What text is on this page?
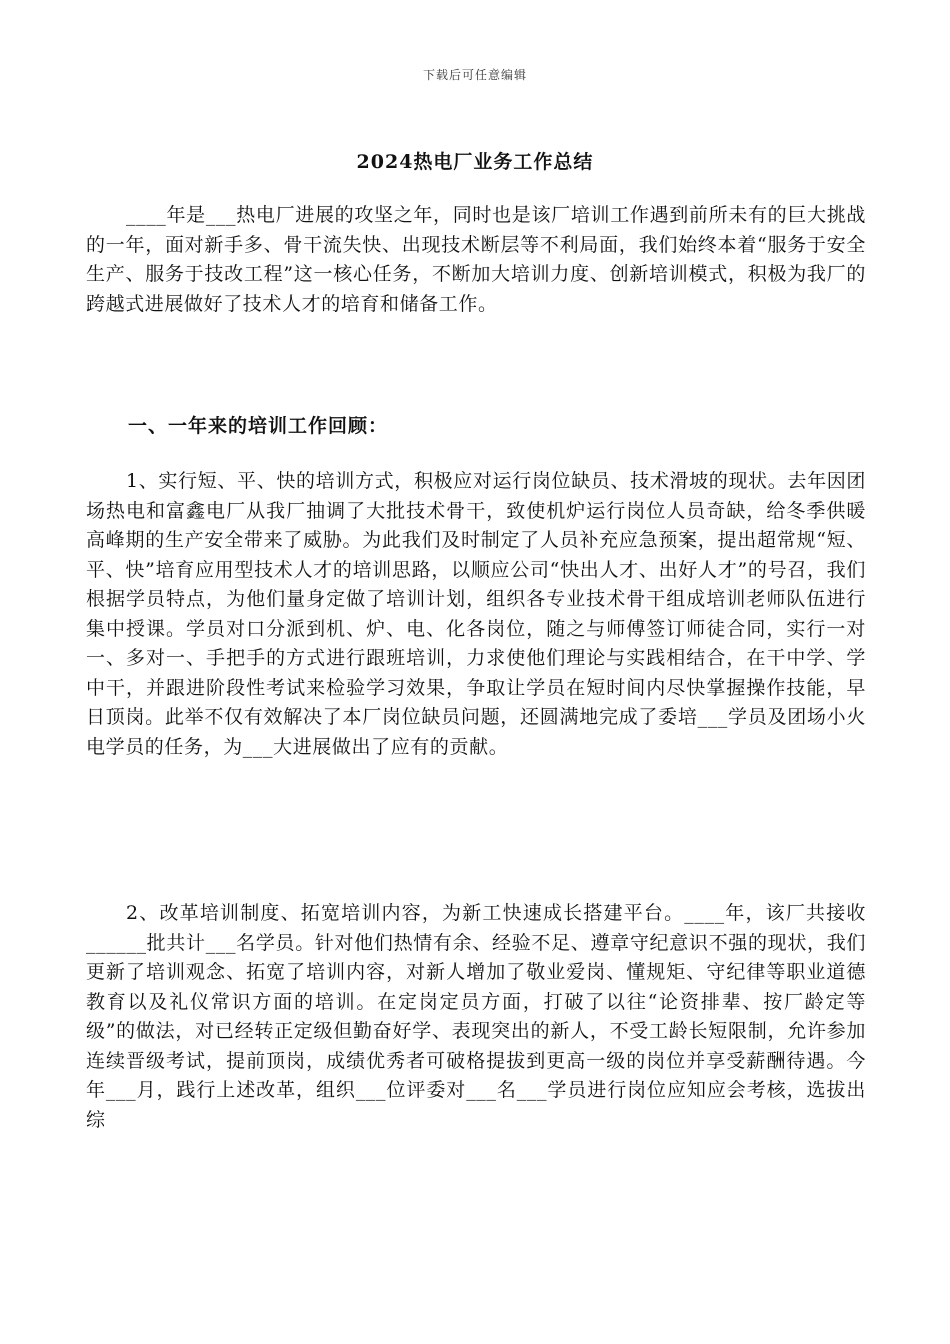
下载后可任意编辑
2024热电厂业务工作总结

____年是___热电厂进展的攻坚之年，同时也是该厂培训工作遇到前所未有的巨大挑战的一年，面对新手多、骨干流失快、出现技术断层等不利局面，我们始终本着“服务于安全生产、服务于技改工程”这一核心任务，不断加大培训力度、创新培训模式，积极为我厂的跨越式进展做好了技术人才的培育和储备工作。

一、一年来的培训工作回顾：

1、实行短、平、快的培训方式，积极应对运行岗位缺员、技术滑坡的现状。去年因团场热电和富鑫电厂从我厂抽调了大批技术骨干，致使机炉运行岗位人员奇缺，给冬季供暖高峰期的生产安全带来了威胁。为此我们及时制定了人员补充应急预案，提出超常规“短、平、快”培育应用型技术人才的培训思路，以顺应公司“快出人才、出好人才”的号召，我们根据学员特点，为他们量身定做了培训计划，组织各专业技术骨干组成培训老师队伍进行集中授课。学员对口分派到机、炉、电、化各岗位，随之与师傅签订师徒合同，实行一对一、多对一、手把手的方式进行跟班培训，力求使他们理论与实践相结合，在干中学、学中干，并跟进阶段性考试来检验学习效果，争取让学员在短时间内尽快掌握操作技能，早日顶岗。此举不仅有效解决了本厂岗位缺员问题，还圆满地完成了委培___学员及团场小火电学员的任务，为___大进展做出了应有的贡献。

2、改革培训制度、拓宽培训内容，为新工快速成长搭建平台。____年，该厂共接收______批共计___名学员。针对他们热情有余、经验不足、遵章守纪意识不强的现状，我们更新了培训观念、拓宽了培训内容，对新人增加了敬业爱岗、懂规矩、守纪律等职业道德教育以及礼仪常识方面的培训。在定岗定员方面，打破了以往“论资排辈、按厂龄定等级”的做法，对已经转正定级但勤奋好学、表现突出的新人，不受工龄长短限制，允许参加连续晋级考试，提前顶岗，成绩优秀者可破格提拔到更高一级的岗位并享受薪酬待遇。今年___月，践行上述改革，组织___位评委对___名___学员进行岗位应知应会考核，选拔出综
